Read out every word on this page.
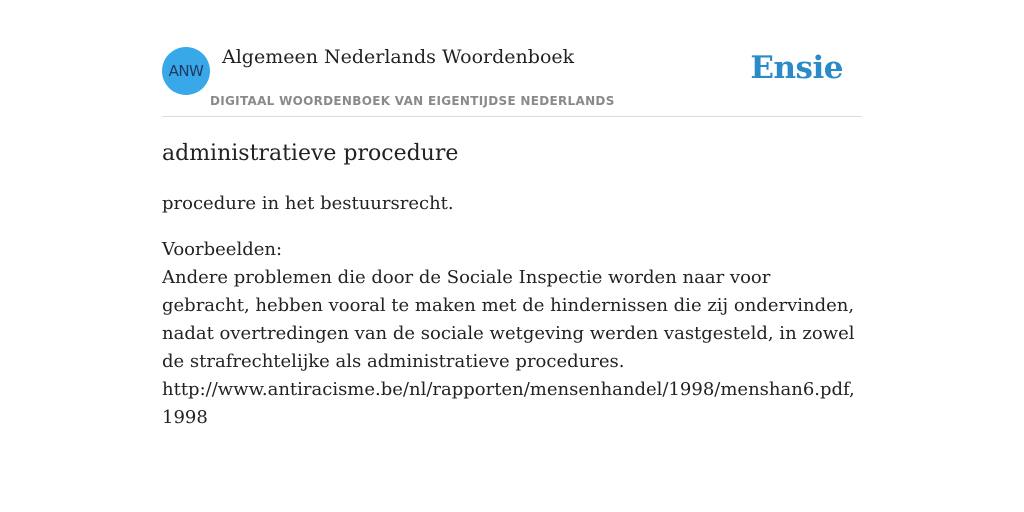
ANW
Algemeen Nederlands Woordenboek
DIGITAAL WOORDENBOEK VAN EIGENTIJDSE NEDERLANDS
Ensie
administratieve procedure

procedure in het bestuursrecht.

Voorbeelden:
Andere problemen die door de Sociale Inspectie worden naar voor gebracht, hebben vooral te maken met de hindernissen die zij ondervinden, nadat overtredingen van de sociale wetgeving werden vastgesteld, in zowel de strafrechtelijke als administratieve procedures.
http://www.antiracisme.be/nl/rapporten/mensenhandel/1998/menshan6.pdf, 1998
